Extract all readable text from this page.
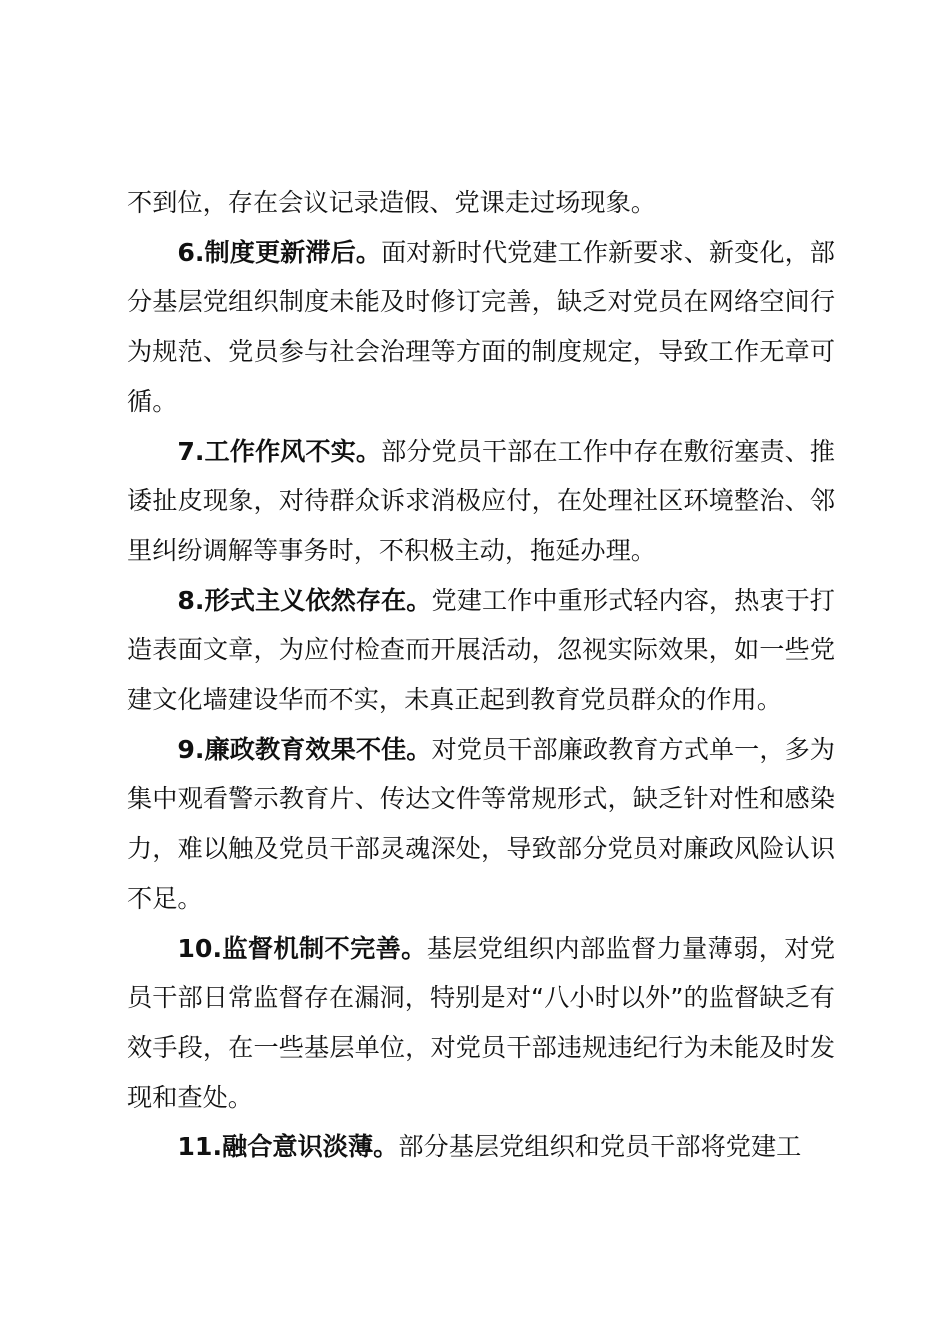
不到位，存在会议记录造假、党课走过场现象。

6.制度更新滞后。面对新时代党建工作新要求、新变化，部分基层党组织制度未能及时修订完善，缺乏对党员在网络空间行为规范、党员参与社会治理等方面的制度规定，导致工作无章可循。

7.工作作风不实。部分党员干部在工作中存在敷衍塞责、推诿扯皮现象，对待群众诉求消极应付，在处理社区环境整治、邻里纠纷调解等事务时，不积极主动，拖延办理。

8.形式主义依然存在。党建工作中重形式轻内容，热衷于打造表面文章，为应付检查而开展活动，忽视实际效果，如一些党建文化墙建设华而不实，未真正起到教育党员群众的作用。

9.廉政教育效果不佳。对党员干部廉政教育方式单一，多为集中观看警示教育片、传达文件等常规形式，缺乏针对性和感染力，难以触及党员干部灵魂深处，导致部分党员对廉政风险认识不足。

10.监督机制不完善。基层党组织内部监督力量薄弱，对党员干部日常监督存在漏洞，特别是对“八小时以外”的监督缺乏有效手段，在一些基层单位，对党员干部违规违纪行为未能及时发现和查处。

11.融合意识淡薄。部分基层党组织和党员干部将党建工
